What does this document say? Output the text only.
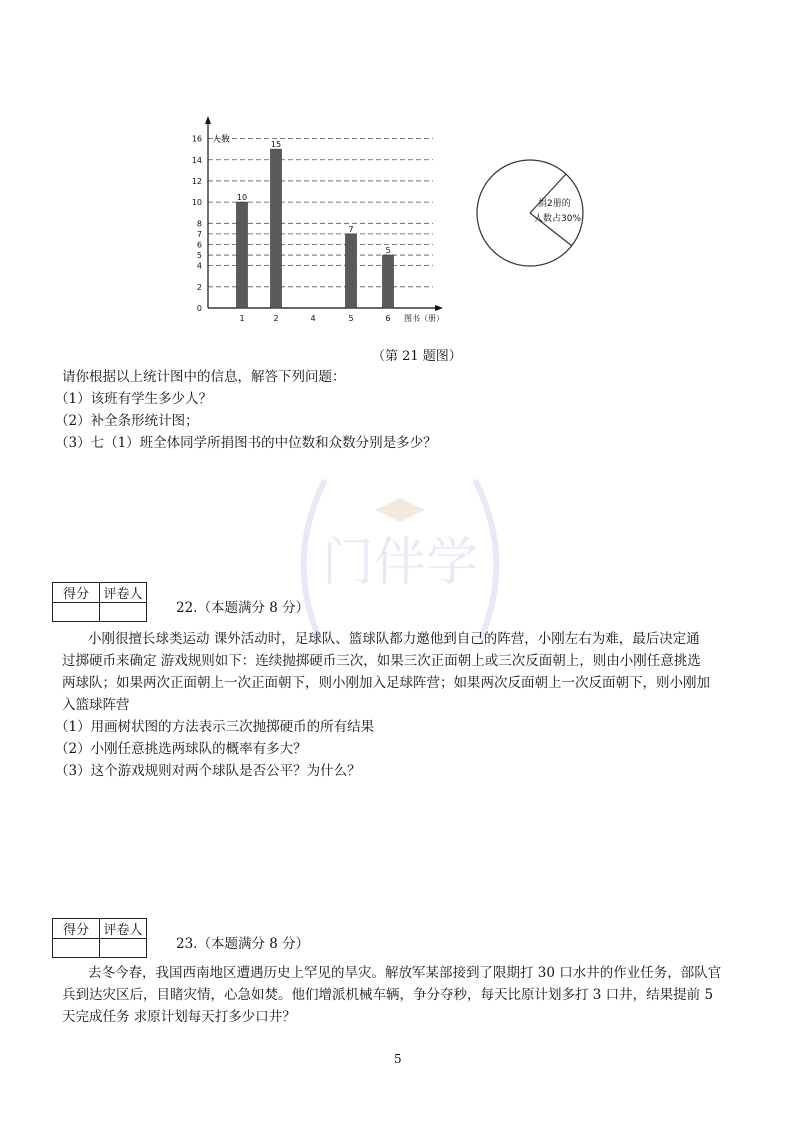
门伴学
0
2
4
5
6
7
8
10
12
14
16 人数
图书（册）
1
10
2
15
4	5
7
6
5
捐2册的
人数占30%
（第 21 题图）
请你根据以上统计图中的信息，解答下列问题：
（1）该班有学生多少人？
（2）补全条形统计图；
（3）七（1）班全体同学所捐图书的中位数和众数分别是多少？
得分	评卷人

22.（本题满分 8 分）
小刚很擅长球类运动 课外活动时，足球队、篮球队都力邀他到自己的阵营，小刚左右为难，最后决定通
过掷硬币来确定 游戏规则如下：连续抛掷硬币三次，如果三次正面朝上或三次反面朝上，则由小刚任意挑选
两球队；如果两次正面朝上一次正面朝下，则小刚加入足球阵营；如果两次反面朝上一次反面朝下，则小刚加
入篮球阵营
（1）用画树状图的方法表示三次抛掷硬币的所有结果
（2）小刚任意挑选两球队的概率有多大？
（3）这个游戏规则对两个球队是否公平？为什么？
得分	评卷人

23.（本题满分 8 分）
去冬今春，我国西南地区遭遇历史上罕见的旱灾。解放军某部接到了限期打 30 口水井的作业任务，部队官
兵到达灾区后，目睹灾情，心急如焚。他们增派机械车辆，争分夺秒，每天比原计划多打 3 口井，结果提前 5
天完成任务 求原计划每天打多少口井？
5
